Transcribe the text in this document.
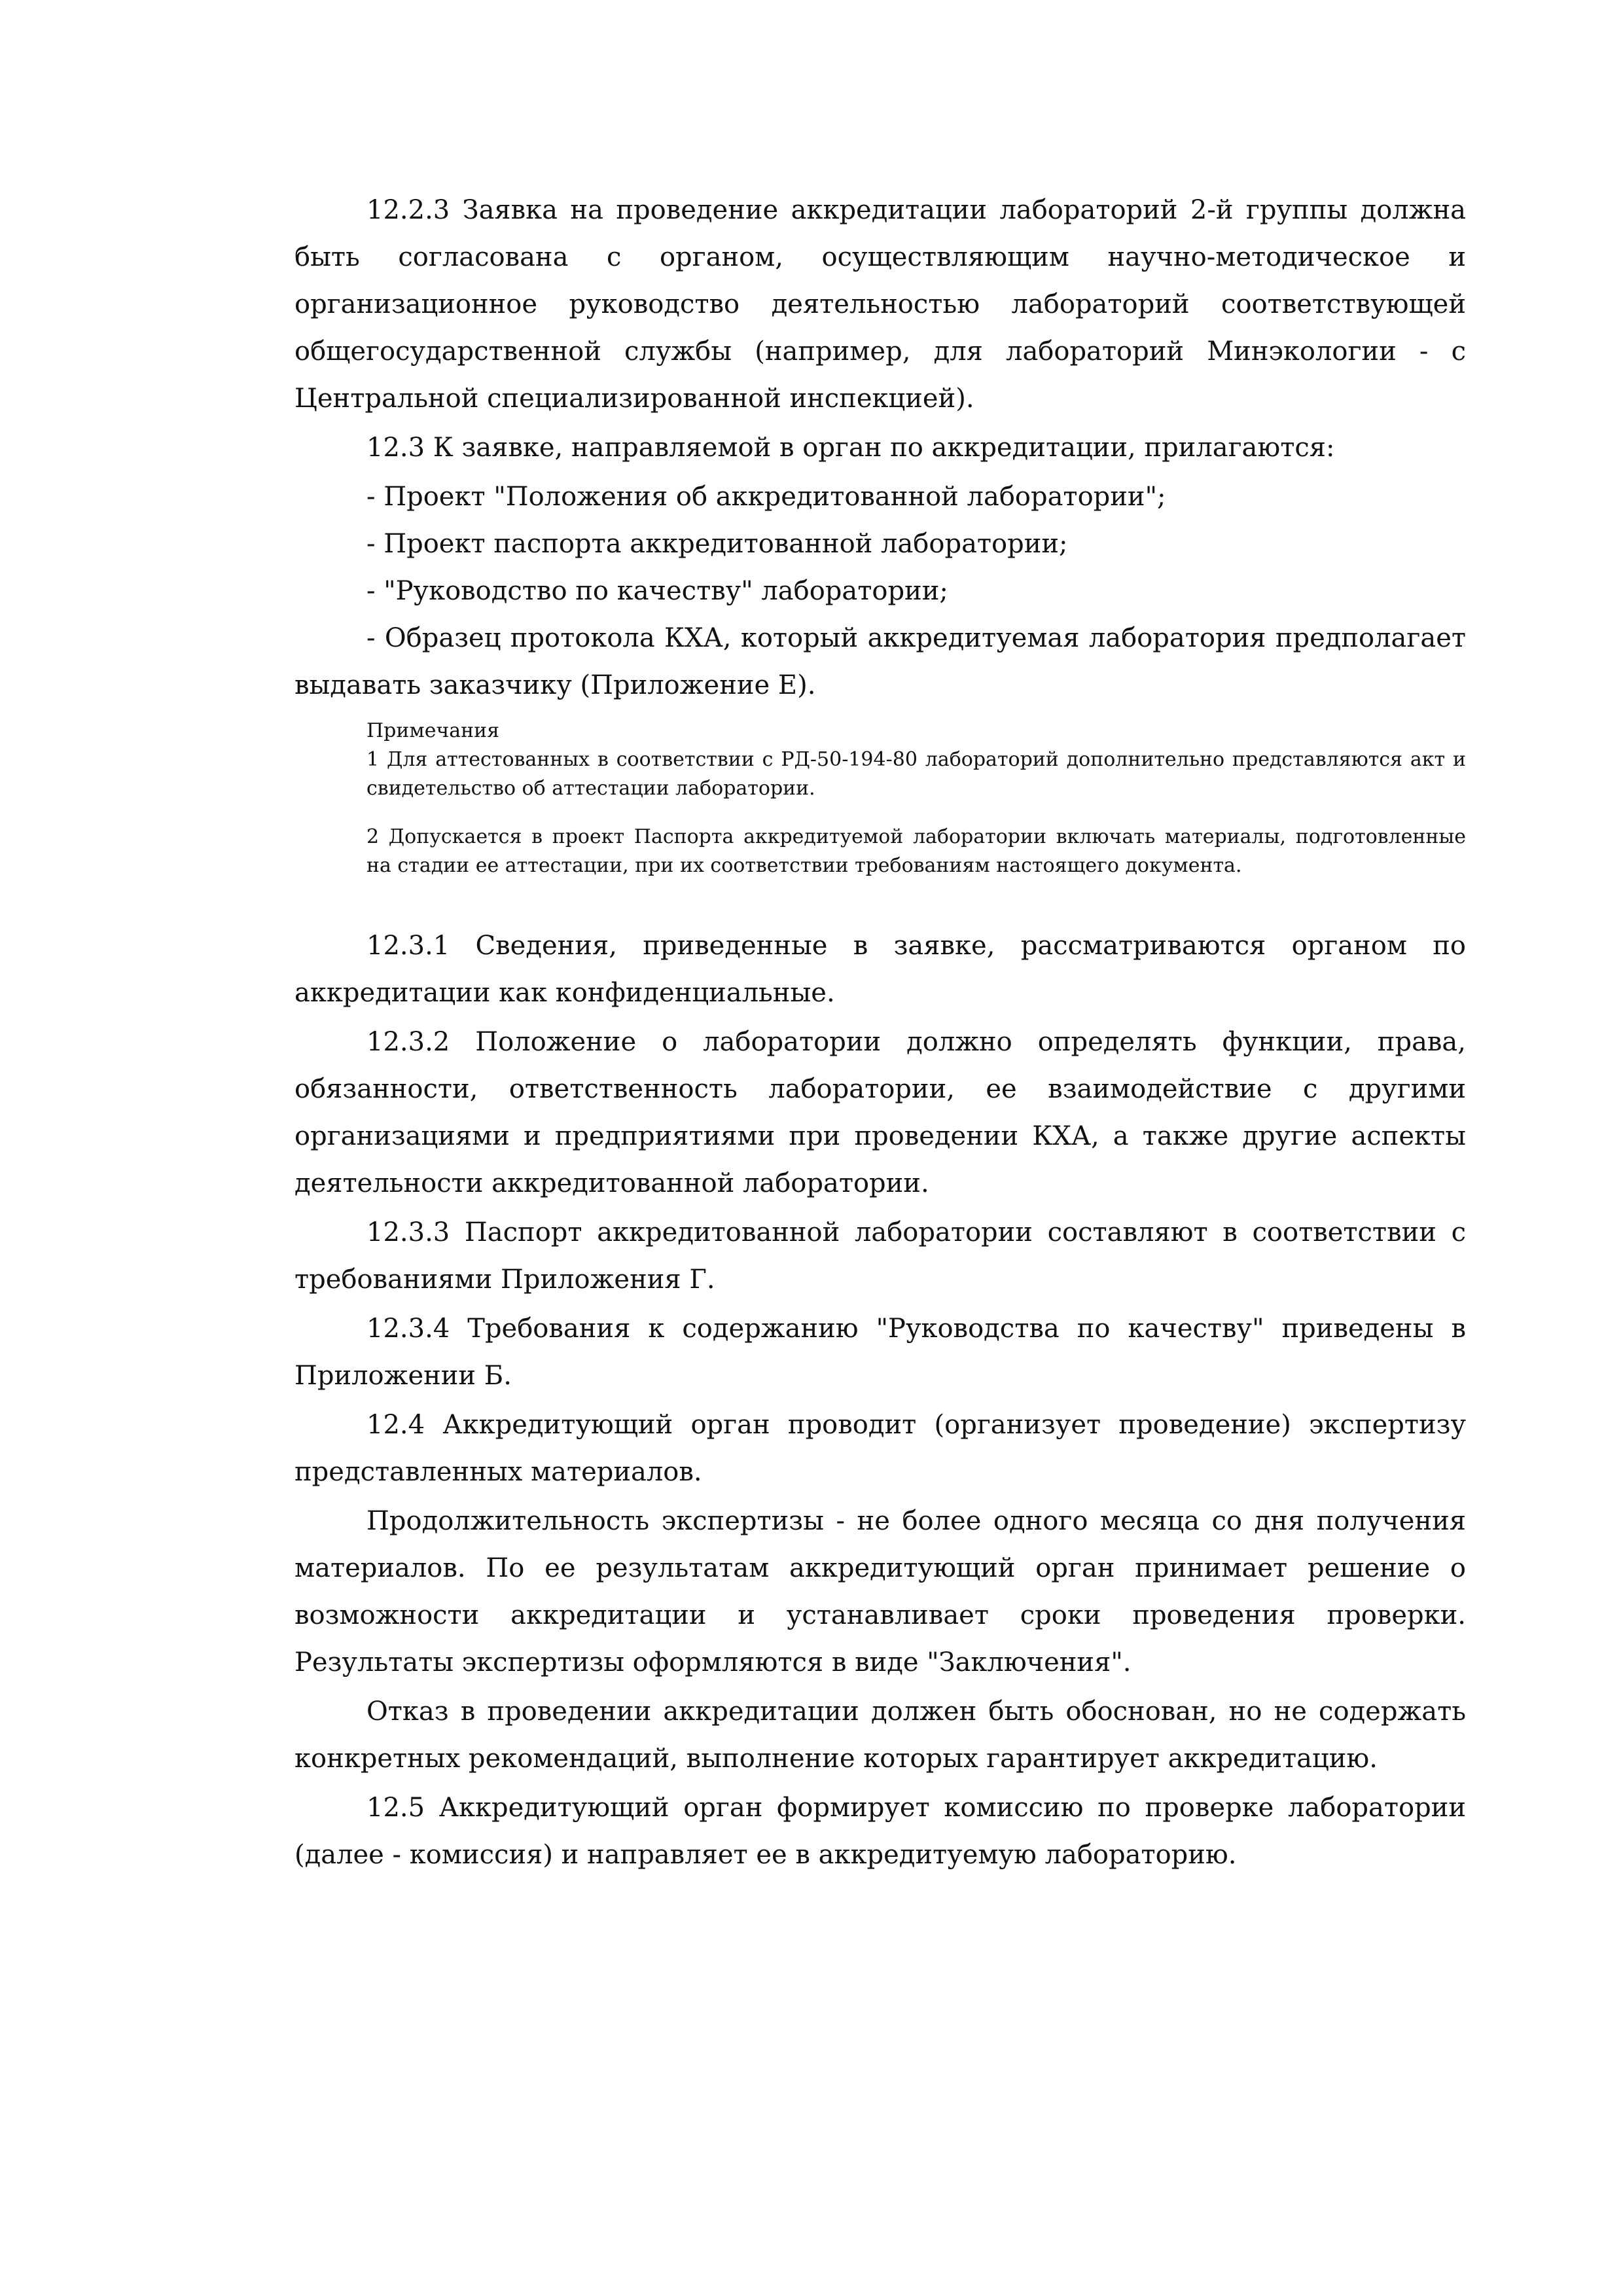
12.2.3 Заявка на проведение аккредитации лабораторий 2-й группы должна быть согласована с органом, осуществляющим научно-методическое и организационное руководство деятельностью лабораторий соответствующей общегосударственной службы (например, для лабораторий Минэкологии - с Центральной специализированной инспекцией).

12.3 К заявке, направляемой в орган по аккредитации, прилагаются:

- Проект "Положения об аккредитованной лаборатории";

- Проект паспорта аккредитованной лаборатории;

- "Руководство по качеству" лаборатории;

- Образец протокола КХА, который аккредитуемая лаборатория предполагает выдавать заказчику (Приложение Е).

Примечания

1 Для аттестованных в соответствии с РД-50-194-80 лабораторий дополнительно представляются акт и свидетельство об аттестации лаборатории.

2 Допускается в проект Паспорта аккредитуемой лаборатории включать материалы, подготовленные на стадии ее аттестации, при их соответствии требованиям настоящего документа.

12.3.1 Сведения, приведенные в заявке, рассматриваются органом по аккредитации как конфиденциальные.

12.3.2 Положение о лаборатории должно определять функции, права, обязанности, ответственность лаборатории, ее взаимодействие с другими организациями и предприятиями при проведении КХА, а также другие аспекты деятельности аккредитованной лаборатории.

12.3.3 Паспорт аккредитованной лаборатории составляют в соответствии с требованиями Приложения Г.

12.3.4 Требования к содержанию "Руководства по качеству" приведены в Приложении Б.

12.4 Аккредитующий орган проводит (организует проведение) экспертизу представленных материалов.

Продолжительность экспертизы - не более одного месяца со дня получения материалов. По ее результатам аккредитующий орган принимает решение о возможности аккредитации и устанавливает сроки проведения проверки. Результаты экспертизы оформляются в виде "Заключения".

Отказ в проведении аккредитации должен быть обоснован, но не содержать конкретных рекомендаций, выполнение которых гарантирует аккредитацию.

12.5 Аккредитующий орган формирует комиссию по проверке лаборатории (далее - комиссия) и направляет ее в аккредитуемую лабораторию.
